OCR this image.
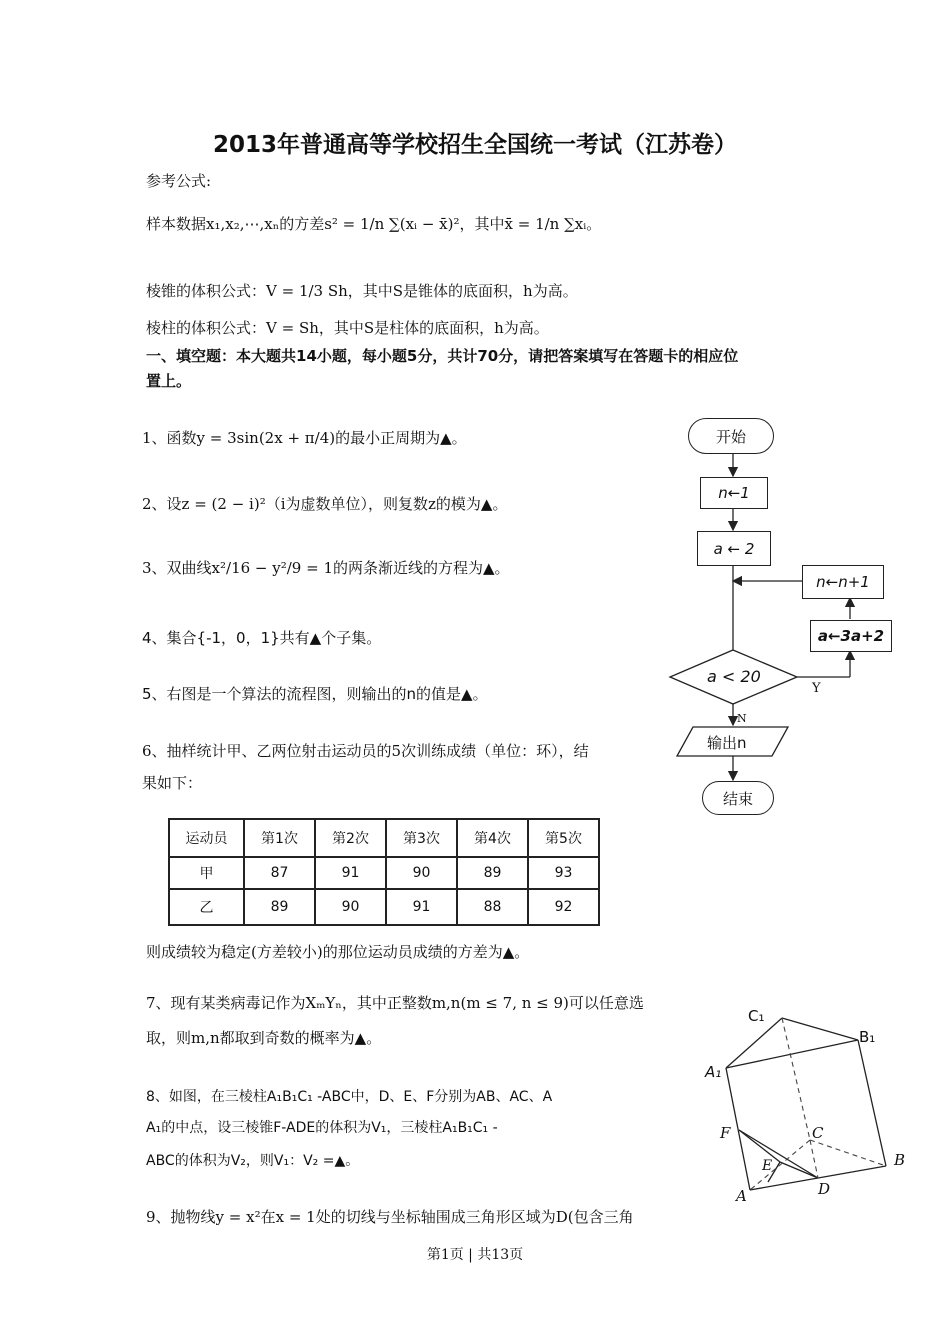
2013年普通高等学校招生全国统一考试（江苏卷）
参考公式:
样本数据x₁,x₂,⋯,xₙ的方差s² = 1/n ∑(xᵢ − x̄)²，其中x̄ = 1/n ∑xᵢ。
棱锥的体积公式：V = 1/3 Sh，其中S是锥体的底面积，h为高。
棱柱的体积公式：V = Sh，其中S是柱体的底面积，h为高。
一、填空题：本大题共14小题，每小题5分，共计70分，请把答案填写在答题卡的相应位
置上。
1、函数y = 3sin(2x + π/4)的最小正周期为▲。
2、设z = (2 − i)²（i为虚数单位），则复数z的模为▲。
3、双曲线x²/16 − y²/9 = 1的两条渐近线的方程为▲。
4、集合{-1，0，1}共有▲个子集。
5、右图是一个算法的流程图，则输出的n的值是▲。
6、抽样统计甲、乙两位射击运动员的5次训练成绩（单位：环），结
果如下：
运动员	第1次	第2次	第3次	第4次	第5次
甲	87	91	90	89	93
乙	89	90	91	88	92
则成绩较为稳定(方差较小)的那位运动员成绩的方差为▲。
7、现有某类病毒记作为XₘYₙ，其中正整数m,n(m ≤ 7, n ≤ 9)可以任意选
取，则m,n都取到奇数的概率为▲。
8、如图，在三棱柱A₁B₁C₁ -ABC中，D、E、F分别为AB、AC、A
A₁的中点，设三棱锥F-ADE的体积为V₁，三棱柱A₁B₁C₁ -
ABC的体积为V₂，则V₁：V₂ =▲。
9、抛物线y = x²在x = 1处的切线与坐标轴围成三角形区域为D(包含三角
开始
n←1
a ← 2
n←n+1
a←3a+2
a < 20
Y
N
输出n
结束
C₁
B₁
A₁
F	C
E	B
A	D
第1页 | 共13页
